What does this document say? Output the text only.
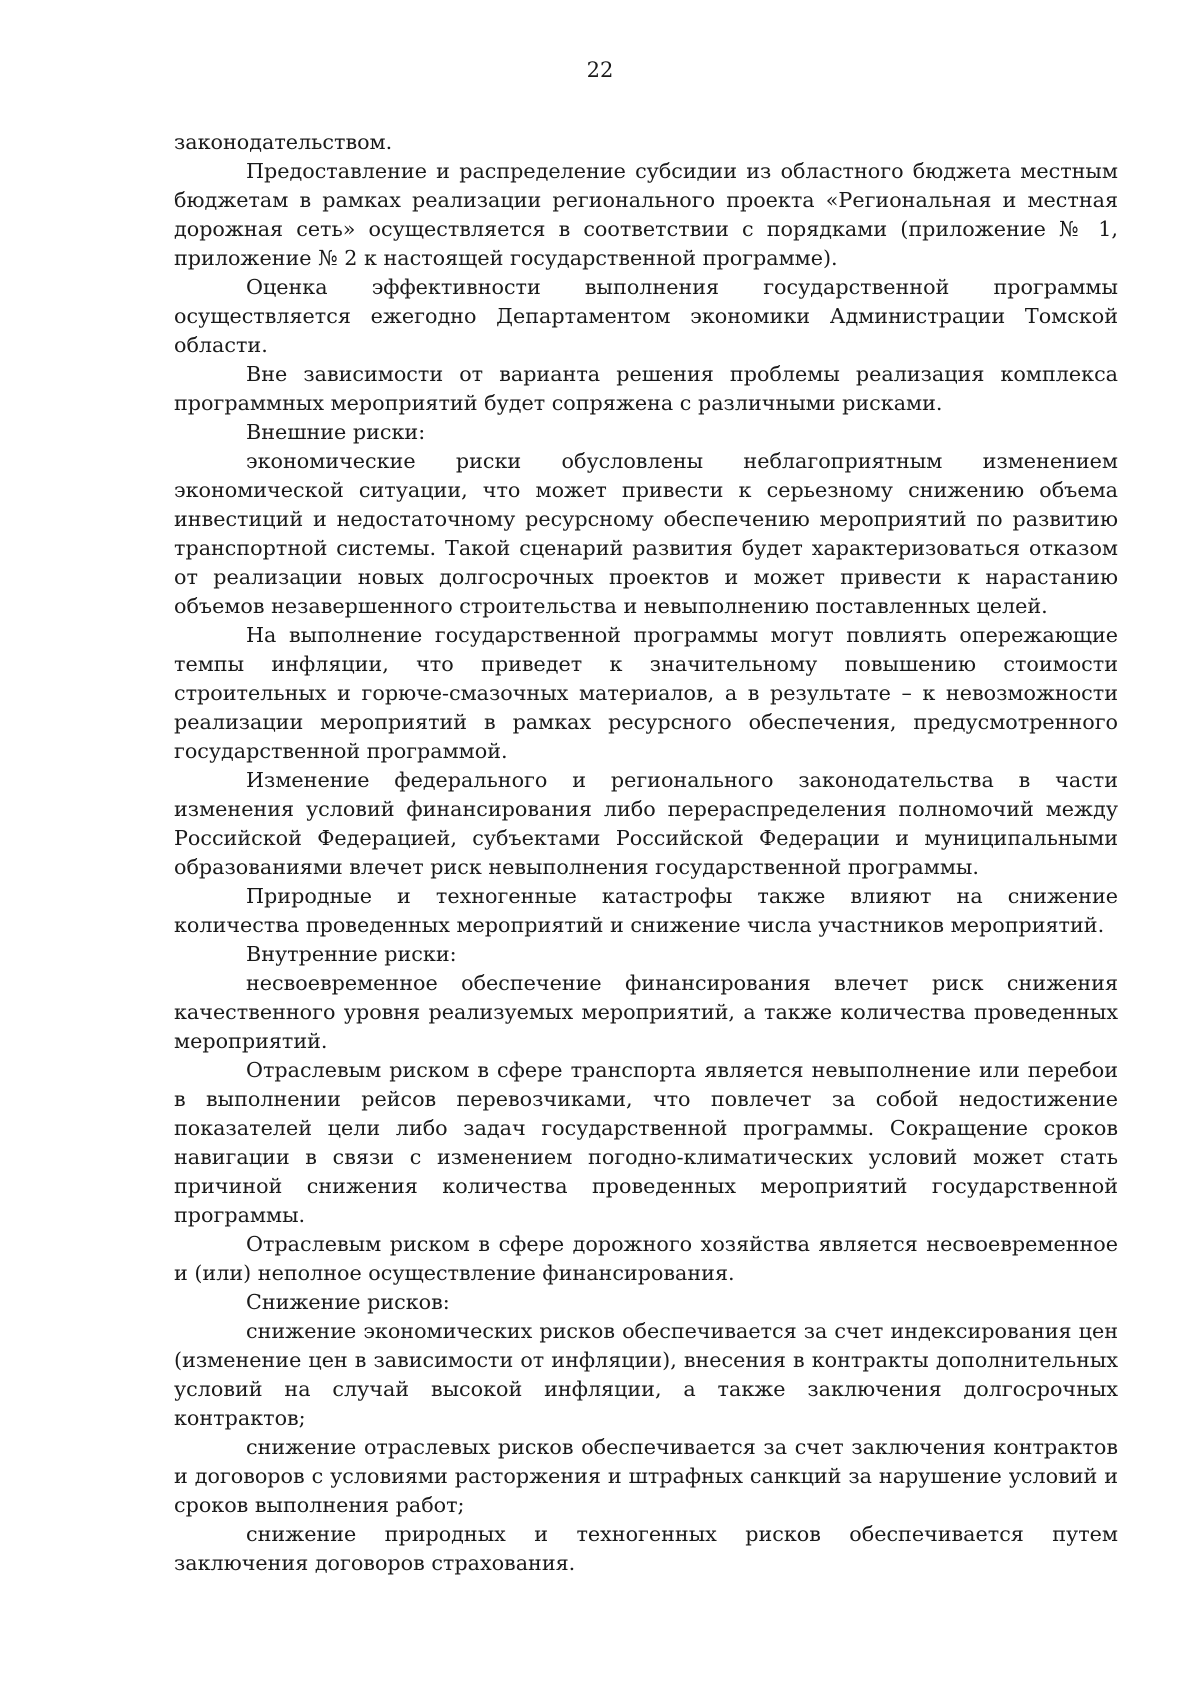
22

законодательством.

Предоставление и распределение субсидии из областного бюджета местным бюджетам в рамках реализации регионального проекта «Региональная и местная дорожная сеть» осуществляется в соответствии с порядками (приложение № 1, приложение № 2 к настоящей государственной программе).

Оценка эффективности выполнения государственной программы осуществляется ежегодно Департаментом экономики Администрации Томской области.

Вне зависимости от варианта решения проблемы реализация комплекса программных мероприятий будет сопряжена с различными рисками.

Внешние риски:

экономические риски обусловлены неблагоприятным изменением экономической ситуации, что может привести к серьезному снижению объема инвестиций и недостаточному ресурсному обеспечению мероприятий по развитию транспортной системы. Такой сценарий развития будет характеризоваться отказом от реализации новых долгосрочных проектов и может привести к нарастанию объемов незавершенного строительства и невыполнению поставленных целей.

На выполнение государственной программы могут повлиять опережающие темпы инфляции, что приведет к значительному повышению стоимости строительных и горюче-смазочных материалов, а в результате – к невозможности реализации мероприятий в рамках ресурсного обеспечения, предусмотренного государственной программой.

Изменение федерального и регионального законодательства в части изменения условий финансирования либо перераспределения полномочий между Российской Федерацией, субъектами Российской Федерации и муниципальными образованиями влечет риск невыполнения государственной программы.

Природные и техногенные катастрофы также влияют на снижение количества проведенных мероприятий и снижение числа участников мероприятий.

Внутренние риски:

несвоевременное обеспечение финансирования влечет риск снижения качественного уровня реализуемых мероприятий, а также количества проведенных мероприятий.

Отраслевым риском в сфере транспорта является невыполнение или перебои в выполнении рейсов перевозчиками, что повлечет за собой недостижение показателей цели либо задач государственной программы. Сокращение сроков навигации в связи с изменением погодно-климатических условий может стать причиной снижения количества проведенных мероприятий государственной программы.

Отраслевым риском в сфере дорожного хозяйства является несвоевременное и (или) неполное осуществление финансирования.

Снижение рисков:

снижение экономических рисков обеспечивается за счет индексирования цен (изменение цен в зависимости от инфляции), внесения в контракты дополнительных условий на случай высокой инфляции, а также заключения долгосрочных контрактов;

снижение отраслевых рисков обеспечивается за счет заключения контрактов и договоров с условиями расторжения и штрафных санкций за нарушение условий и сроков выполнения работ;

снижение природных и техногенных рисков обеспечивается путем заключения договоров страхования.
